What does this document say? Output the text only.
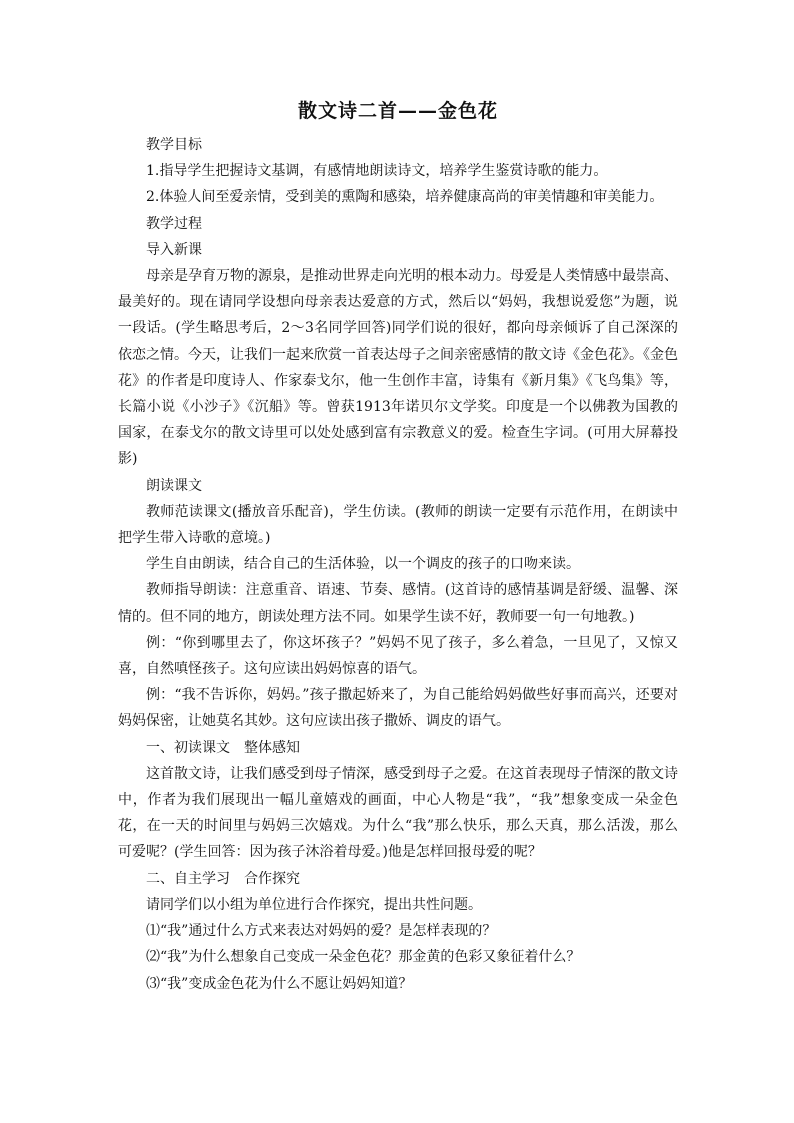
散文诗二首——金色花
教学目标
1.指导学生把握诗文基调，有感情地朗读诗文，培养学生鉴赏诗歌的能力。
2.体验人间至爱亲情，受到美的熏陶和感染，培养健康高尚的审美情趣和审美能力。
教学过程
导入新课

母亲是孕育万物的源泉，是推动世界走向光明的根本动力。母爱是人类情感中最崇高、最美好的。现在请同学设想向母亲表达爱意的方式，然后以“妈妈，我想说爱您”为题，说一段话。(学生略思考后，2～3名同学回答)同学们说的很好，都向母亲倾诉了自己深深的依恋之情。今天，让我们一起来欣赏一首表达母子之间亲密感情的散文诗《金色花》。《金色花》的作者是印度诗人、作家泰戈尔，他一生创作丰富，诗集有《新月集》《飞鸟集》等，长篇小说《小沙子》《沉船》等。曾获1913年诺贝尔文学奖。印度是一个以佛教为国教的国家，在泰戈尔的散文诗里可以处处感到富有宗教意义的爱。检查生字词。(可用大屏幕投影)

朗读课文

教师范读课文(播放音乐配音)，学生仿读。(教师的朗读一定要有示范作用，在朗读中把学生带入诗歌的意境。)

学生自由朗读，结合自己的生活体验，以一个调皮的孩子的口吻来读。

教师指导朗读：注意重音、语速、节奏、感情。(这首诗的感情基调是舒缓、温馨、深情的。但不同的地方，朗读处理方法不同。如果学生读不好，教师要一句一句地教。)

例：“你到哪里去了，你这坏孩子？”妈妈不见了孩子，多么着急，一旦见了，又惊又喜，自然嗔怪孩子。这句应读出妈妈惊喜的语气。

例：“我不告诉你，妈妈。”孩子撒起娇来了，为自己能给妈妈做些好事而高兴，还要对妈妈保密，让她莫名其妙。这句应读出孩子撒娇、调皮的语气。

一、初读课文　整体感知

这首散文诗，让我们感受到母子情深，感受到母子之爱。在这首表现母子情深的散文诗中，作者为我们展现出一幅儿童嬉戏的画面，中心人物是“我”，“我”想象变成一朵金色花，在一天的时间里与妈妈三次嬉戏。为什么“我”那么快乐，那么天真，那么活泼，那么可爱呢？(学生回答：因为孩子沐浴着母爱。)他是怎样回报母爱的呢？

二、自主学习　合作探究
请同学们以小组为单位进行合作探究，提出共性问题。
⑴“我”通过什么方式来表达对妈妈的爱？是怎样表现的？
⑵“我”为什么想象自己变成一朵金色花？那金黄的色彩又象征着什么？
⑶“我”变成金色花为什么不愿让妈妈知道？
